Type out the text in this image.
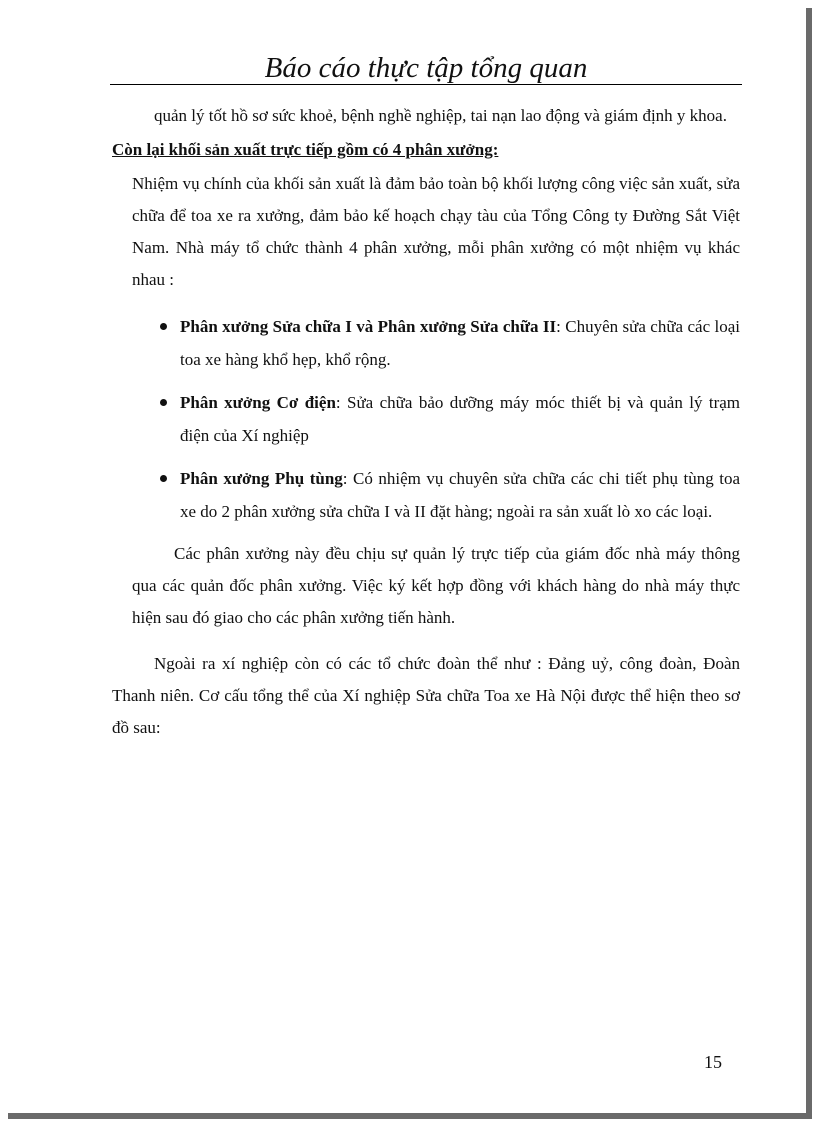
Báo cáo thực tập tổng quan

quản lý tốt hồ sơ sức khoẻ, bệnh nghề nghiệp, tai nạn lao động và giám định y khoa.

Còn lại khối sản xuất trực tiếp gồm có 4 phân xưởng:

Nhiệm vụ chính của khối sản xuất là đảm bảo toàn bộ khối lượng công việc sản xuất, sửa chữa để toa xe ra xưởng, đảm bảo kế hoạch chạy tàu của Tổng Công ty Đường Sắt Việt Nam. Nhà máy tổ chức thành 4 phân xưởng, mỗi phân xưởng có một nhiệm vụ khác nhau :

Phân xưởng Sửa chữa I và Phân xưởng Sửa chữa II: Chuyên sửa chữa các loại toa xe hàng khổ hẹp, khổ rộng.
Phân xưởng Cơ điện: Sửa chữa bảo dưỡng máy móc thiết bị và quản lý trạm điện của Xí nghiệp
Phân xưởng Phụ tùng: Có nhiệm vụ chuyên sửa chữa các chi tiết phụ tùng toa xe do 2 phân xưởng sửa chữa I và II đặt hàng; ngoài ra sản xuất lò xo các loại.

Các phân xưởng này đều chịu sự quản lý trực tiếp của giám đốc nhà máy thông qua các quản đốc phân xưởng. Việc ký kết hợp đồng với khách hàng do nhà máy thực hiện sau đó giao cho các phân xưởng tiến hành.

Ngoài ra xí nghiệp còn có các tổ chức đoàn thể như : Đảng uỷ, công đoàn, Đoàn Thanh niên. Cơ cấu tổng thể của Xí nghiệp Sửa chữa Toa xe Hà Nội được thể hiện theo sơ đồ sau:

15
